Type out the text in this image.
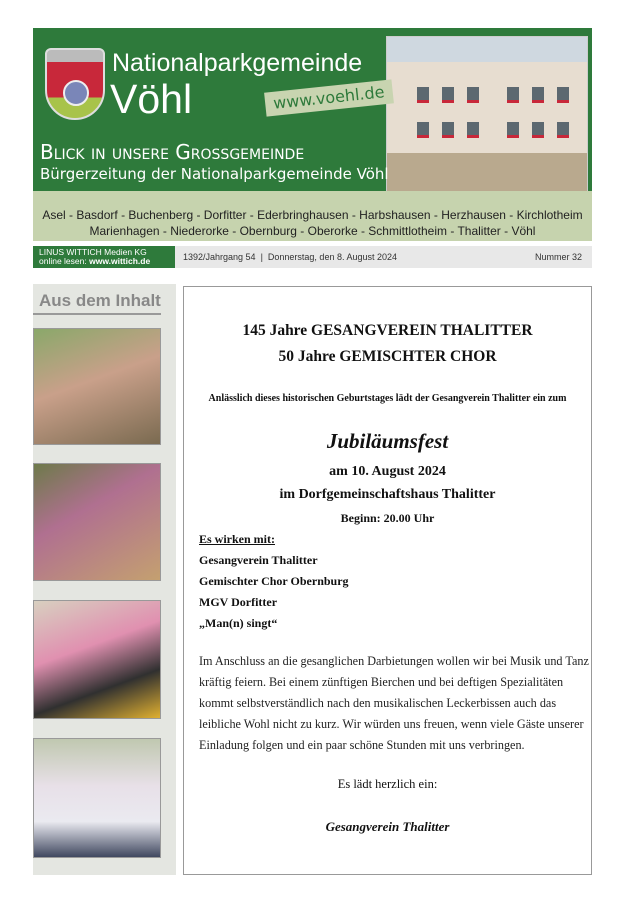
Nationalparkgemeinde
Vöhl	www.voehl.de
Blick in unsere Grossgemeinde
Bürgerzeitung der Nationalparkgemeinde Vöhl
Asel - Basdorf - Buchenberg - Dorfitter - Ederbringhausen - Harbshausen - Herzhausen - Kirchlotheim
Marienhagen - Niederorke - Obernburg - Oberorke - Schmittlotheim - Thalitter - Vöhl
LINUS WITTICH Medien KG
online lesen: www.wittich.de	1392/Jahrgang 54  |  Donnerstag, den 8. August 2024	Nummer 32
Aus dem Inhalt
145 Jahre GESANGVEREIN THALITTER
50 Jahre GEMISCHTER CHOR
Anlässlich dieses historischen Geburtstages lädt der Gesangverein Thalitter ein zum
Jubiläumsfest
am 10. August 2024
im Dorfgemeinschaftshaus Thalitter
Beginn: 20.00 Uhr
Es wirken mit:
Gesangverein Thalitter
Gemischter Chor Obernburg
MGV Dorfitter
„Man(n) singt“
Im Anschluss an die gesanglichen Darbietungen wollen wir bei Musik und Tanz
kräftig feiern. Bei einem zünftigen Bierchen und bei deftigen Spezialitäten
kommt selbstverständlich nach den musikalischen Leckerbissen auch das
leibliche Wohl nicht zu kurz. Wir würden uns freuen, wenn viele Gäste unserer
Einladung folgen und ein paar schöne Stunden mit uns verbringen.
Es lädt herzlich ein:
Gesangverein Thalitter
